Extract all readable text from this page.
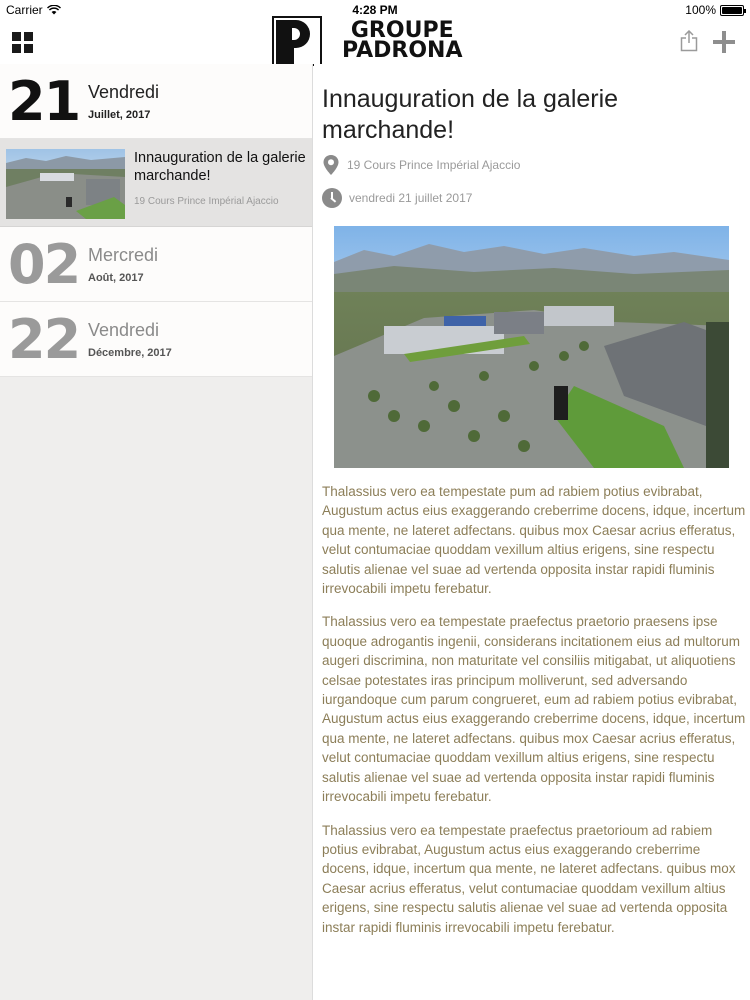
Carrier	4:28 PM	100%
GROUPE
PADRONA
21 Vendredi
Juillet, 2017
Innauguration de la galerie marchande!
19 Cours Prince Impérial Ajaccio
02 Mercredi
Août, 2017
22 Vendredi
Décembre, 2017
Innauguration de la galerie marchande!
19 Cours Prince Impérial Ajaccio
vendredi 21 juillet 2017

Thalassius vero ea tempestate pum ad rabiem potius evibrabat, Augustum actus eius exaggerando creberrime docens, idque, incertum qua mente, ne lateret adfectans. quibus mox Caesar acrius efferatus, velut contumaciae quoddam vexillum altius erigens, sine respectu salutis alienae vel suae ad vertenda opposita instar rapidi fluminis irrevocabili impetu ferebatur.

Thalassius vero ea tempestate praefectus praetorio praesens ipse quoque adrogantis ingenii, considerans incitationem eius ad multorum augeri discrimina, non maturitate vel consiliis mitigabat, ut aliquotiens celsae potestates iras principum molliverunt, sed adversando iurgandoque cum parum congrueret, eum ad rabiem potius evibrabat, Augustum actus eius exaggerando creberrime docens, idque, incertum qua mente, ne lateret adfectans. quibus mox Caesar acrius efferatus, velut contumaciae quoddam vexillum altius erigens, sine respectu salutis alienae vel suae ad vertenda opposita instar rapidi fluminis irrevocabili impetu ferebatur.

Thalassius vero ea tempestate praefectus praetorioum ad rabiem potius evibrabat, Augustum actus eius exaggerando creberrime docens, idque, incertum qua mente, ne lateret adfectans. quibus mox Caesar acrius efferatus, velut contumaciae quoddam vexillum altius erigens, sine respectu salutis alienae vel suae ad vertenda opposita instar rapidi fluminis irrevocabili impetu ferebatur.
